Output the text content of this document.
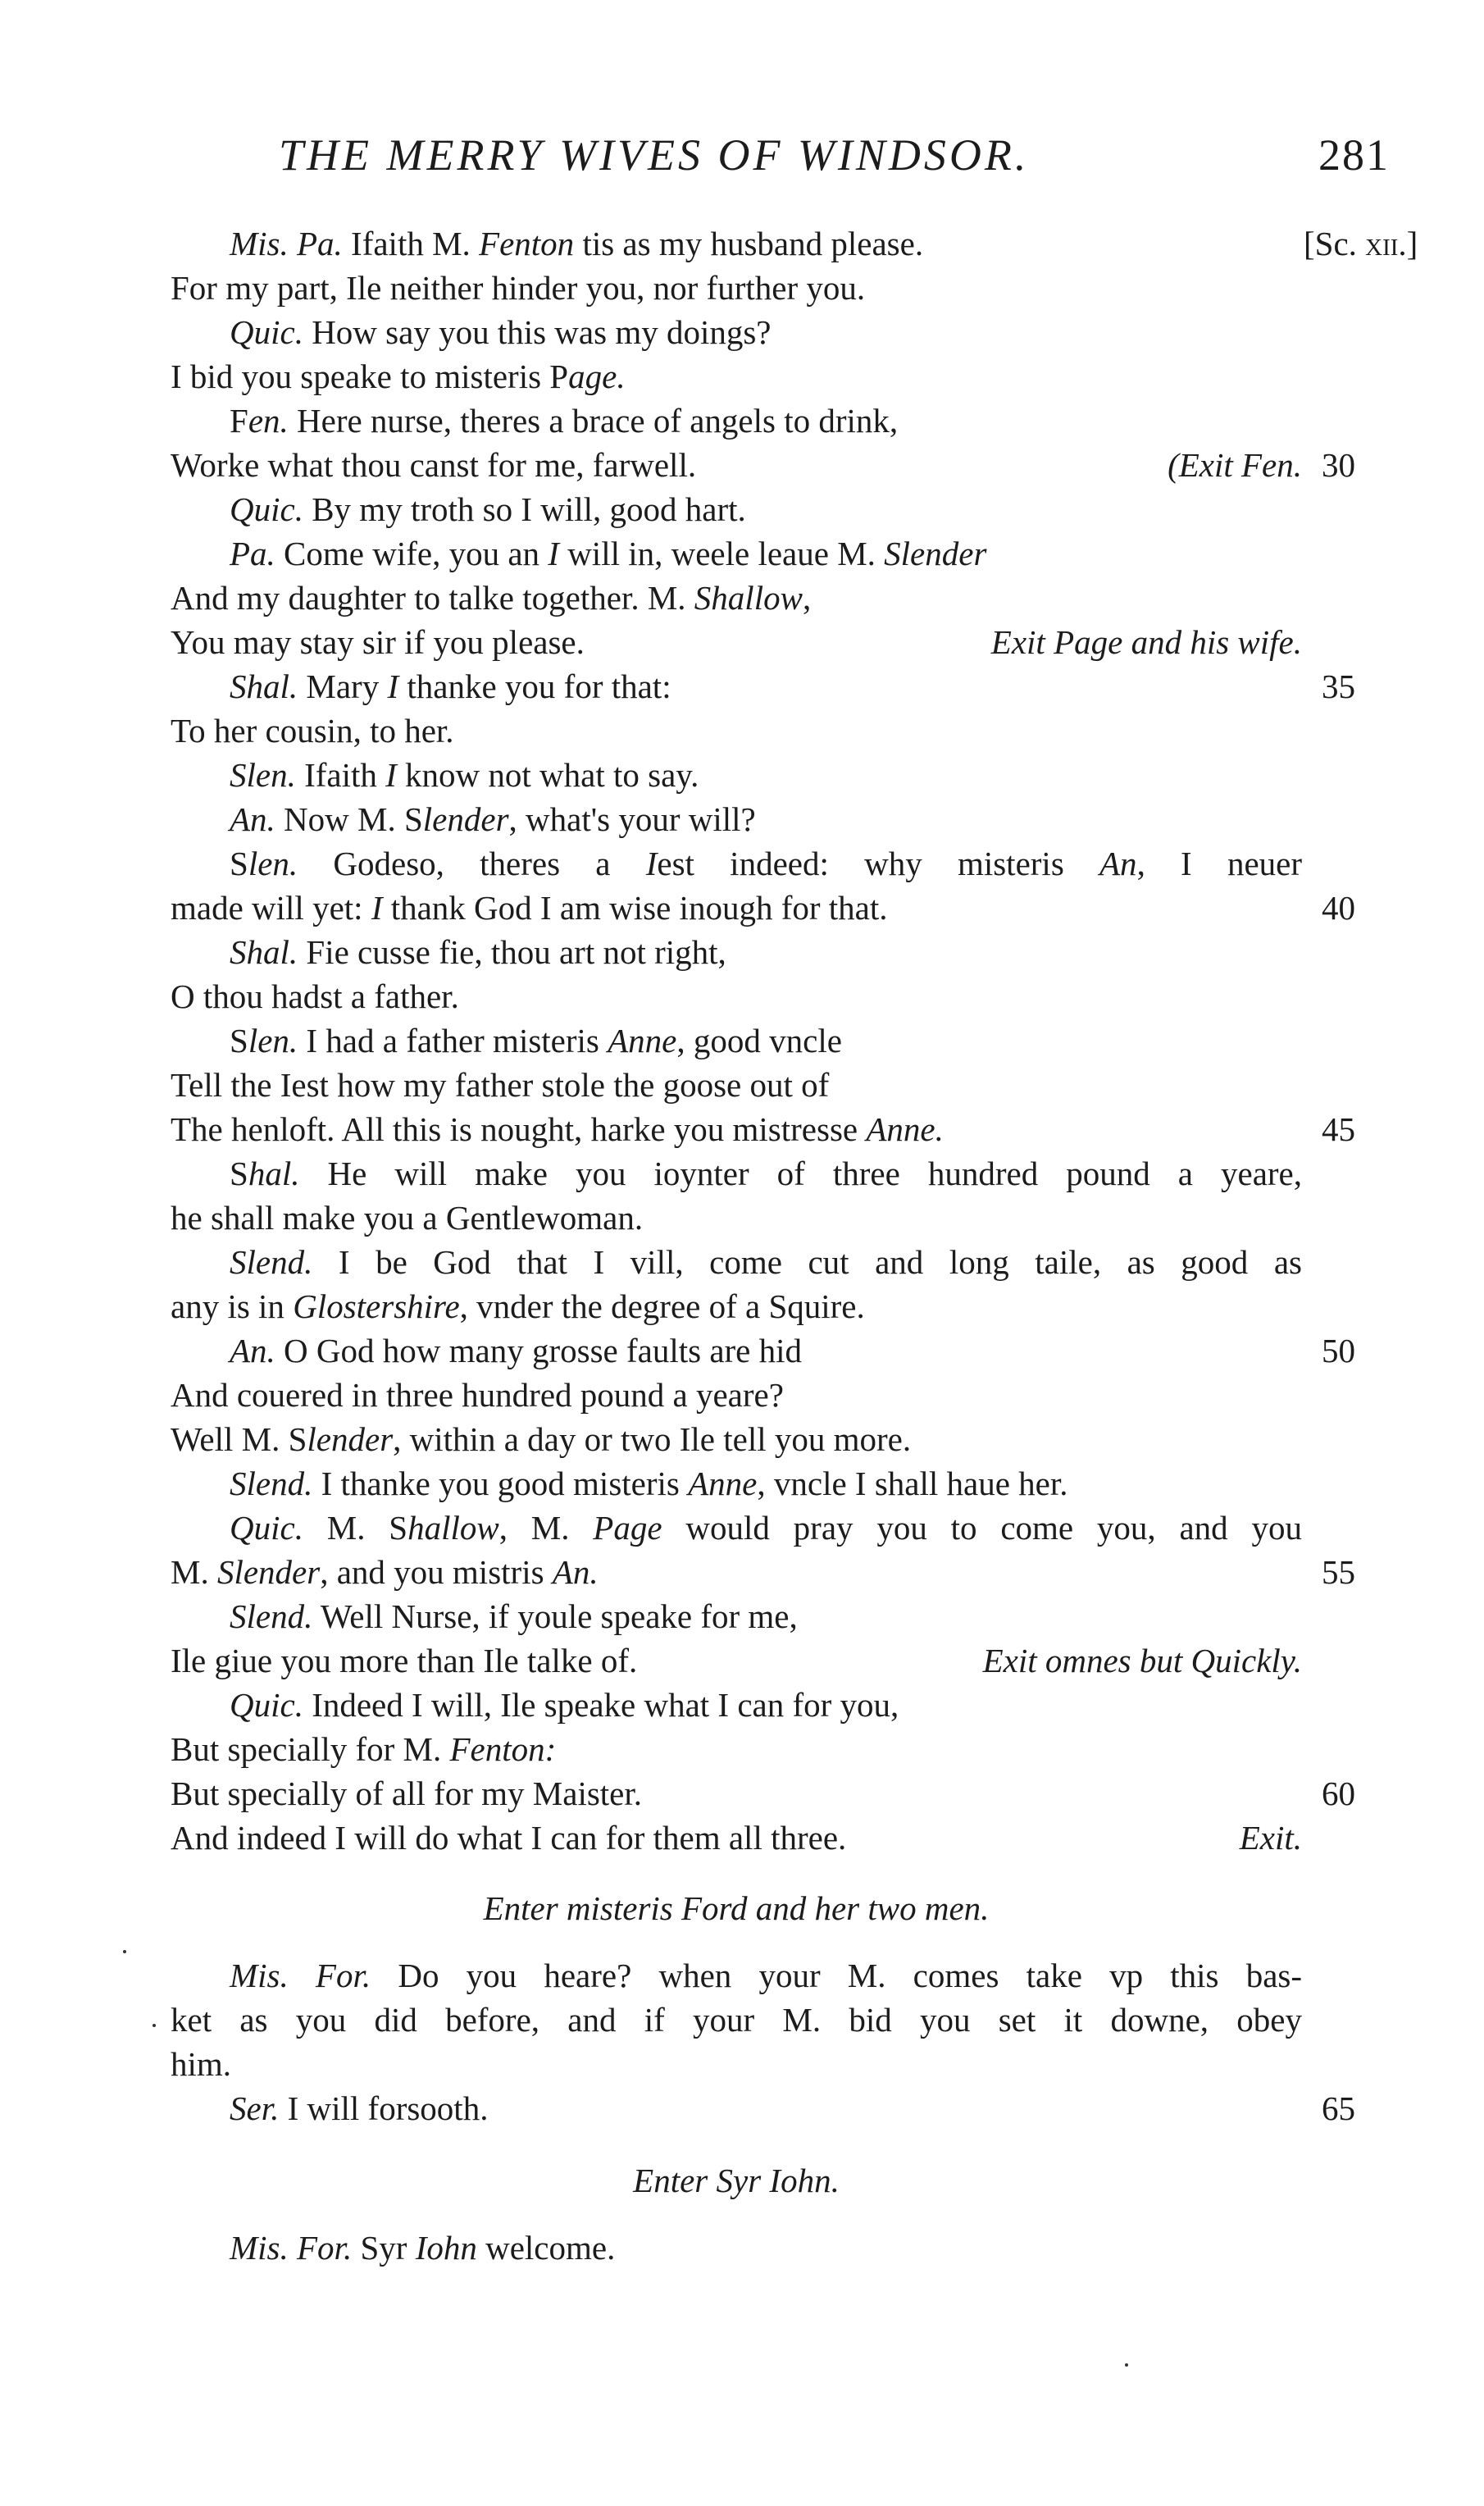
THE MERRY WIVES OF WINDSOR.	281
[Sc. xii.]
Mis. Pa. Ifaith M. Fenton tis as my husband please.
For my part, Ile neither hinder you, nor further you.
Quic. How say you this was my doings?
I bid you speake to misteris Page.
Fen. Here nurse, theres a brace of angels to drink,
Worke what thou canst for me, farwell.	(Exit Fen. 30
Quic. By my troth so I will, good hart.
Pa. Come wife, you an I will in, weele leaue M. Slender
And my daughter to talke together. M. Shallow,
You may stay sir if you please.	Exit Page and his wife.
Shal. Mary I thanke you for that:	35
To her cousin, to her.
Slen. Ifaith I know not what to say.
An. Now M. Slender, what's your will?
Slen. Godeso, theres a Iest indeed: why misteris An, I neuer
made will yet: I thank God I am wise inough for that.	40
Shal. Fie cusse fie, thou art not right,
O thou hadst a father.
Slen. I had a father misteris Anne, good vncle
Tell the Iest how my father stole the goose out of
The henloft. All this is nought, harke you mistresse Anne.	45
Shal. He will make you ioynter of three hundred pound a yeare,
he shall make you a Gentlewoman.
Slend. I be God that I vill, come cut and long taile, as good as
any is in Glostershire, vnder the degree of a Squire.
An. O God how many grosse faults are hid	50
And couered in three hundred pound a yeare?
Well M. Slender, within a day or two Ile tell you more.
Slend. I thanke you good misteris Anne, vncle I shall haue her.
Quic. M. Shallow, M. Page would pray you to come you, and you
M. Slender, and you mistris An.	55
Slend. Well Nurse, if youle speake for me,
Ile giue you more than Ile talke of.	Exit omnes but Quickly.
Quic. Indeed I will, Ile speake what I can for you,
But specially for M. Fenton:
But specially of all for my Maister.	60
And indeed I will do what I can for them all three.	Exit.
Enter misteris Ford and her two men.
Mis. For. Do you heare? when your M. comes take vp this bas-
ket as you did before, and if your M. bid you set it downe, obey
him.
Ser. I will forsooth.	65
Enter Syr Iohn.
Mis. For. Syr Iohn welcome.
